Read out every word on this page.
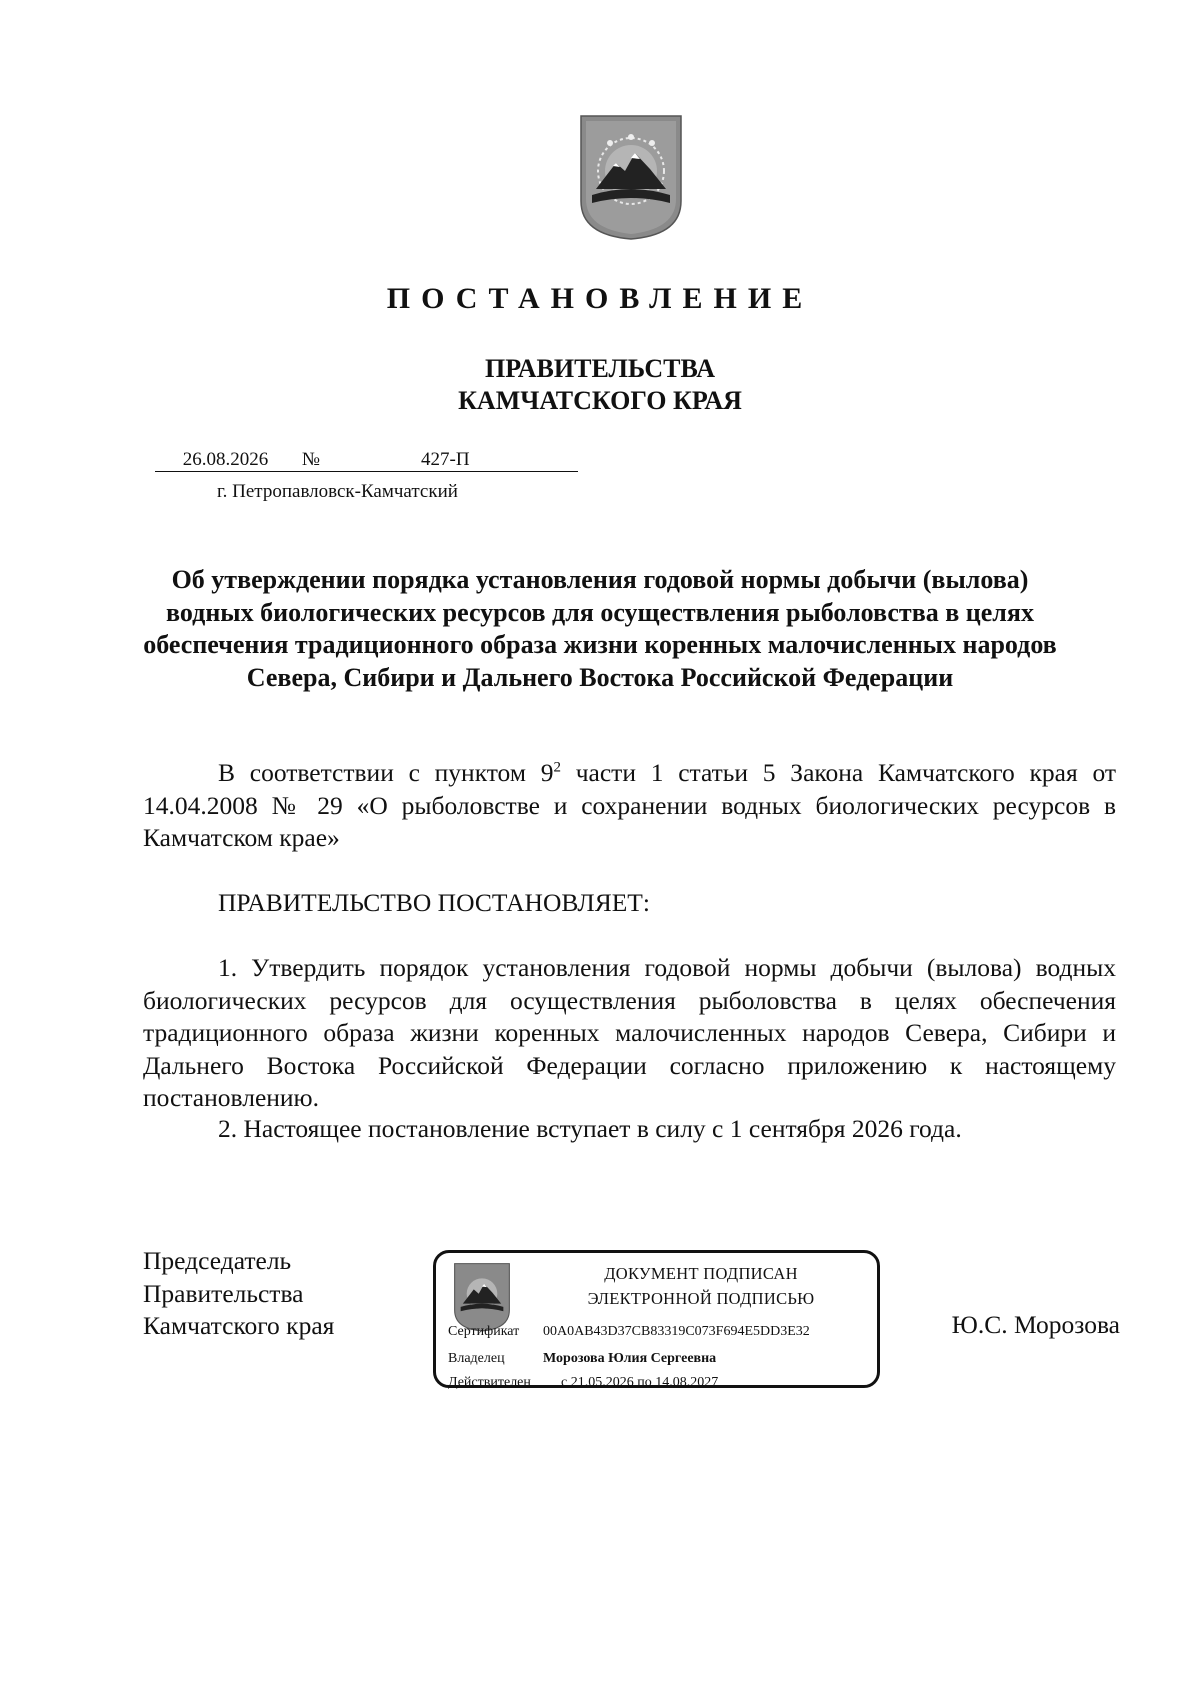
ПОСТАНОВЛЕНИЕ
ПРАВИТЕЛЬСТВА
КАМЧАТСКОГО КРАЯ
26.08.2026 №	427-П
г. Петропавловск-Камчатский
Об утверждении порядка установления годовой нормы добычи (вылова) водных биологических ресурсов для осуществления рыболовства в целях обеспечения традиционного образа жизни коренных малочисленных народов Севера, Сибири и Дальнего Востока Российской Федерации
В соответствии с пунктом $9^2$ части 1 статьи 5 Закона Камчатского края от 14.04.2008 № 29 «О рыболовстве и сохранении водных биологических ресурсов в Камчатском крае»
ПРАВИТЕЛЬСТВО ПОСТАНОВЛЯЕТ:
1. Утвердить порядок установления годовой нормы добычи (вылова) водных биологических ресурсов для осуществления рыболовства в целях обеспечения традиционного образа жизни коренных малочисленных народов Севера, Сибири и Дальнего Востока Российской Федерации согласно приложению к настоящему постановлению.
2. Настоящее постановление вступает в силу с 1 сентября 2026 года.
Председатель
Правительства
Камчатского края
ДОКУМЕНТ ПОДПИСАН
ЭЛЕКТРОННОЙ ПОДПИСЬЮ
Сертификат 00A0AB43D37CB83319C073F694E5DD3E32
Владелец	Морозова Юлия Сергеевна
Действителен с 21.05.2026 по 14.08.2027
Ю.С. Морозова
